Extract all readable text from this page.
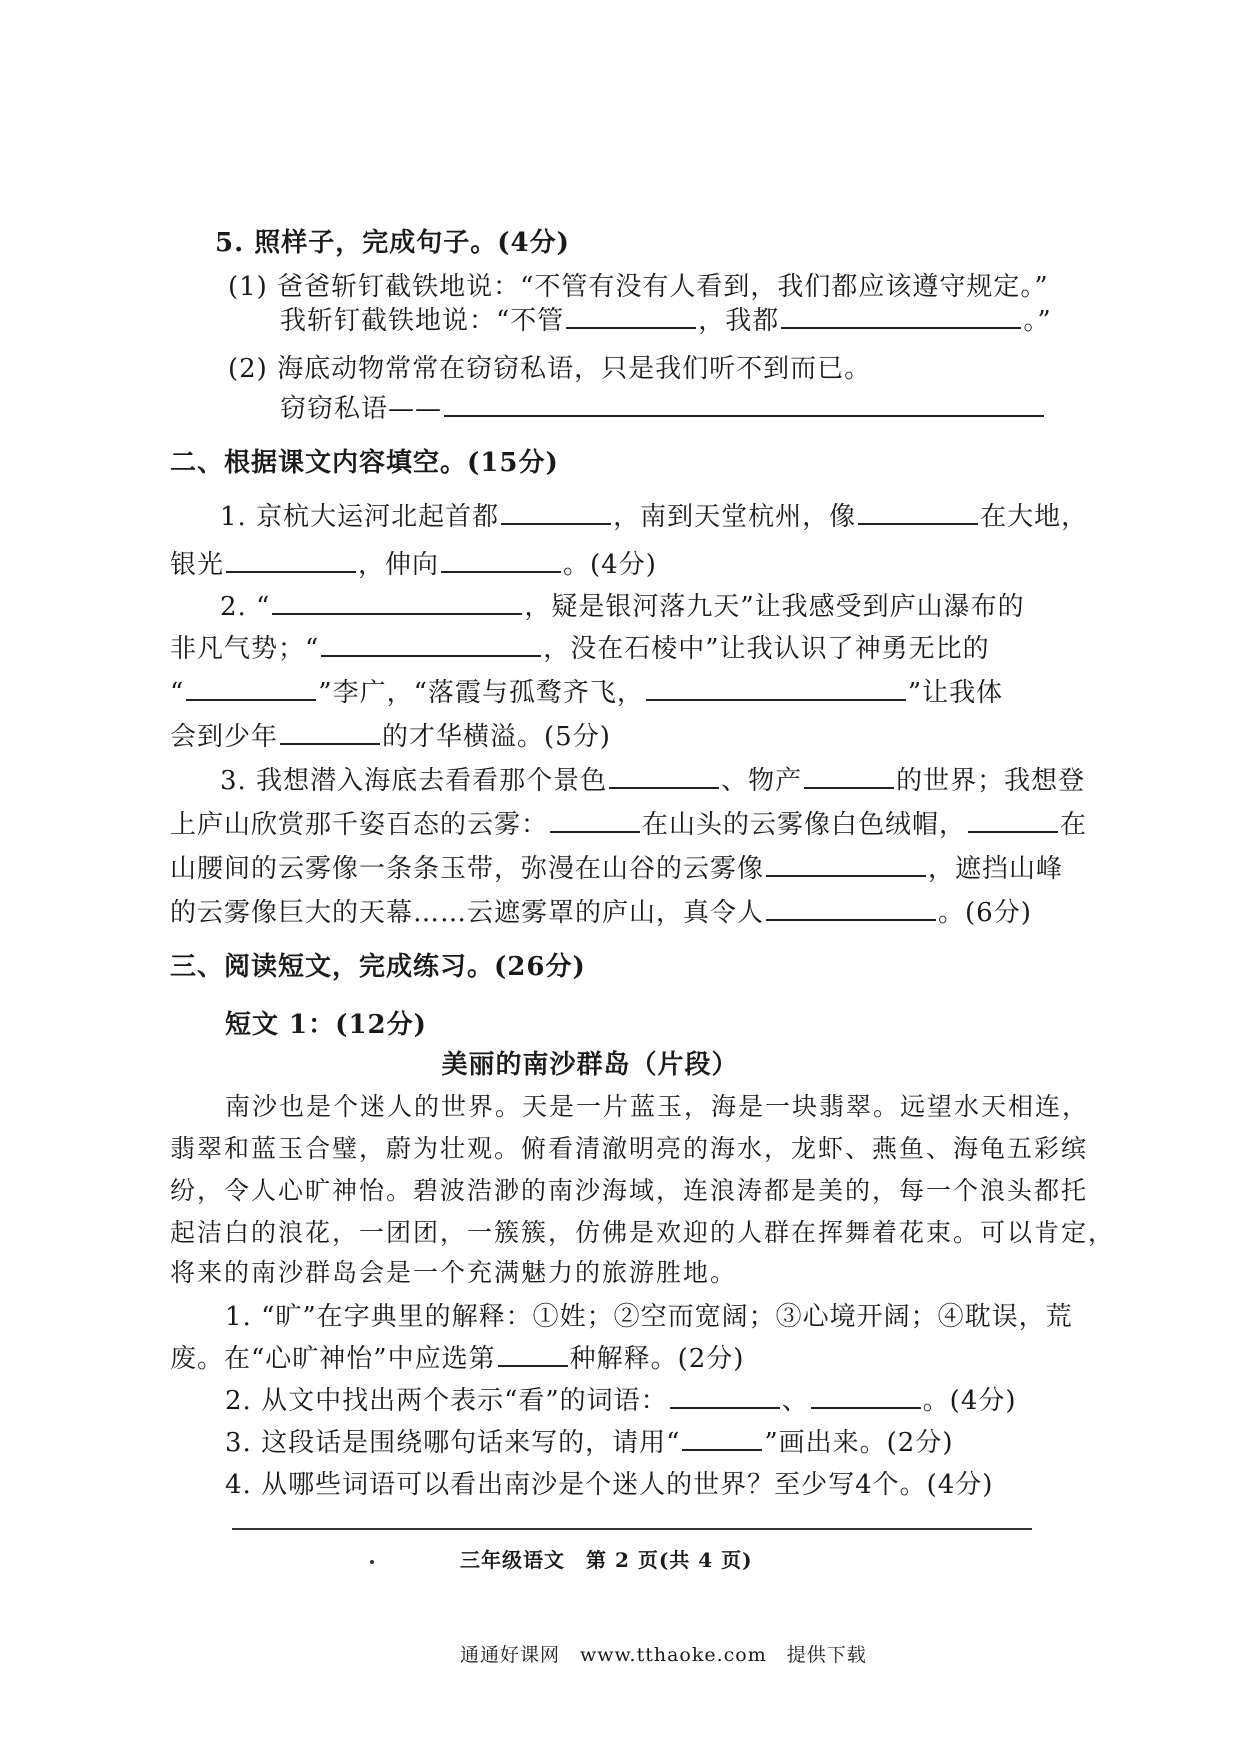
5. 照样子，完成句子。(4分)
(1) 爸爸斩钉截铁地说：“不管有没有人看到，我们都应该遵守规定。”
我斩钉截铁地说：“不管	，我都	。”
(2) 海底动物常常在窃窃私语，只是我们听不到而已。
窃窃私语——
二、根据课文内容填空。(15分)
1. 京杭大运河北起首都	，南到天堂杭州，像	在大地，
银光	，伸向	。(4分)
2. “	，疑是银河落九天”让我感受到庐山瀑布的
非凡气势；“	，没在石棱中”让我认识了神勇无比的
“	”李广，“落霞与孤鹜齐飞，	”让我体
会到少年	的才华横溢。(5分)
3. 我想潜入海底去看看那个景色	、物产	的世界；我想登
上庐山欣赏那千姿百态的云雾：	在山头的云雾像白色绒帽，	在
山腰间的云雾像一条条玉带，弥漫在山谷的云雾像	，遮挡山峰
的云雾像巨大的天幕……云遮雾罩的庐山，真令人	。(6分)
三、阅读短文，完成练习。(26分)
短文 1：(12分)
美丽的南沙群岛（片段）
南沙也是个迷人的世界。天是一片蓝玉，海是一块翡翠。远望水天相连，
翡翠和蓝玉合璧，蔚为壮观。俯看清澈明亮的海水，龙虾、燕鱼、海龟五彩缤
纷，令人心旷神怡。碧波浩渺的南沙海域，连浪涛都是美的，每一个浪头都托
起洁白的浪花，一团团，一簇簇，仿佛是欢迎的人群在挥舞着花束。可以肯定，
将来的南沙群岛会是一个充满魅力的旅游胜地。
1. “旷”在字典里的解释：①姓；②空而宽阔；③心境开阔；④耽误，荒
废。在“心旷神怡”中应选第	种解释。(2分)
2. 从文中找出两个表示“看”的词语：	、	。(4分)
3. 这段话是围绕哪句话来写的，请用“	”画出来。(2分)
4. 从哪些词语可以看出南沙是个迷人的世界？至少写4个。(4分)
三年级语文　第 2 页(共 4 页)
通通好课网　www.tthaoke.com　提供下载
